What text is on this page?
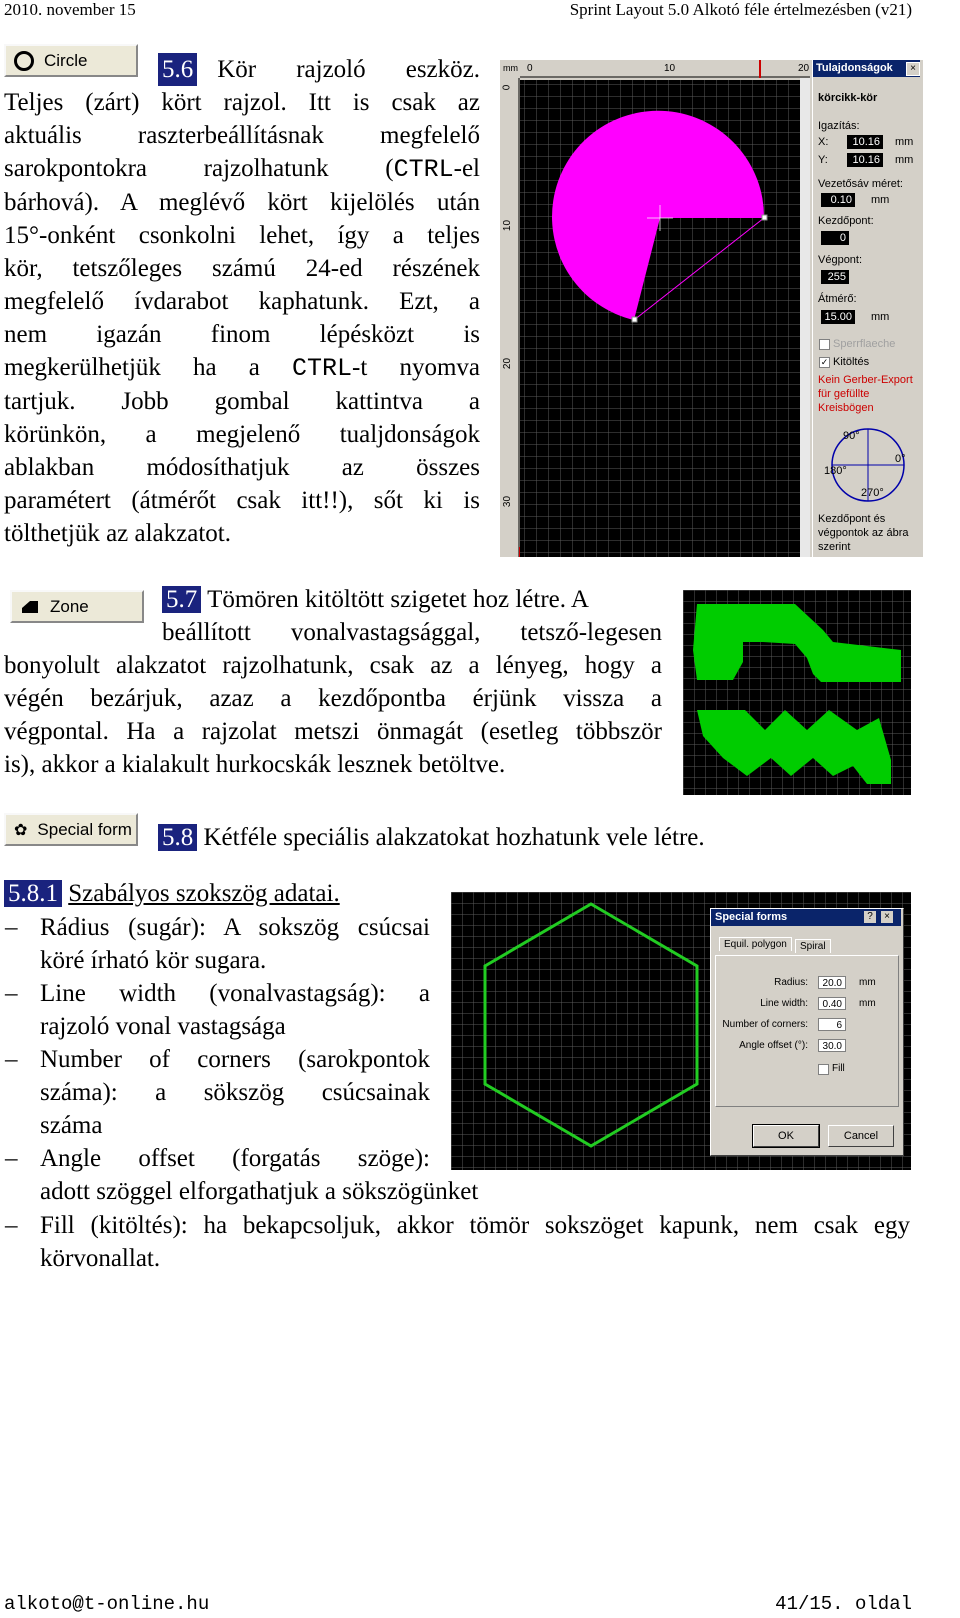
2010. november 15	Sprint Layout 5.0 Alkotó féle értelmezésben (v21)
Circle	5.6 Kör rajzoló eszköz.
Teljes (zárt) kört rajzol. Itt is csak az
aktuális raszterbeállításnak megfelelő
sarokpontokra rajzolhatunk (CTRL-el
bárhová). A meglévő kört kijelölés után
15°-onként csonkolni lehet, így a teljes
kör, tetszőleges számú 24-ed részének
megfelelő ívdarabot kaphatunk. Ezt, a
nem igazán finom lépésközt is
megkerülhetjük ha a CTRL-t nyomva
tartjuk. Jobb gombal kattintva a
körünkön, a megjelenő tualjdonságok
ablakban módosíthatjuk az összes
paramétert (átmérőt csak itt!!), sőt ki is
tölthetjük az alakzatot.
mm 0	10	20
0
10
20
30
Tulajdonságok	×
körcikk-kör
Igazítás:
X:	10.16 mm
Y:	10.16 mm
Vezetősáv méret:
0.10 mm
Kezdőpont:
0
Végpont:
255
Átmérő:
15.00 mm
Sperrflaeche
✓ Kitöltés
Kein Gerber-Export
für gefüllte
Kreisbögen
90°
0°
180°
270°
Kezdőpont és
végpontok az ábra
szerint
Zone	5.7 Tömören kitöltött szigetet hoz létre. A
beállított vonalvastagsággal, tetsző-legesen
bonyolult alakzatot rajzolhatunk, csak az a lényeg, hogy a
végén bezárjuk, azaz a kezdőpontba érjünk vissza a
végpontal. Ha a rajzolat metszi önmagát (esetleg többször
is), akkor a kialakult hurkocskák lesznek betöltve.
✿ Special form 5.8 Kétféle speciális alakzatokat hozhatunk vele létre.
5.8.1 Szabályos szokszög adatai.
– Rádius (sugár): A sokszög csúcsai
köré írható kör sugara.
– Line width (vonalvastagság): a
rajzoló vonal vastagsága
– Number of corners (sarokpontok
száma): a sökszög csúcsainak
száma
– Angle offset (forgatás szöge):
adott szöggel elforgathatjuk a sökszögünket
– Fill (kitöltés): ha bekapcsoljuk, akkor tömör sokszöget kapunk, nem csak egy
körvonallat.
Special forms	?	×
Equil. polygon	Spiral
Radius:	20.0	mm
Line width:	0.40	mm
Number of corners:	6
Angle offset (°):	30.0
Fill
OK	Cancel
alkoto@t-online.hu	41/15. oldal
